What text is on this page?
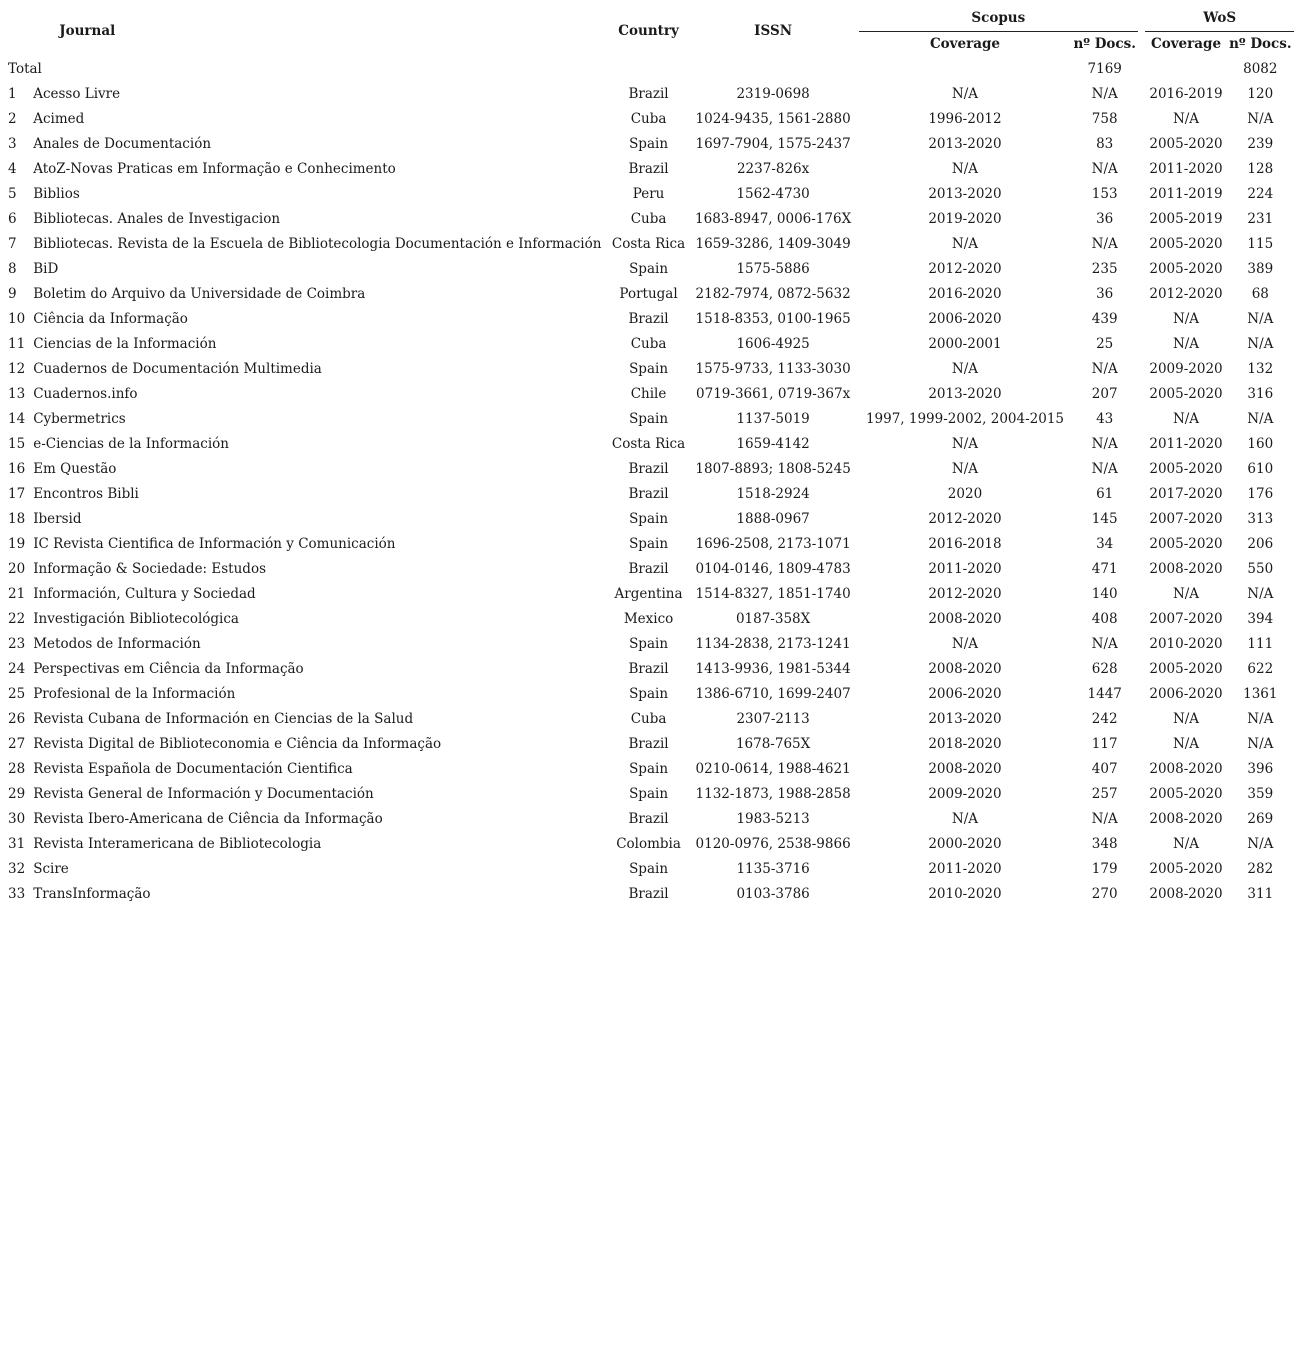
	Journal	Country	ISSN	Scopus			WoS	
				Coverage	nº Docs.		Coverage	nº Docs.
Total					7169			8082
1	Acesso Livre	Brazil	2319-0698	N/A	N/A		2016-2019	120
2	Acimed	Cuba	1024-9435, 1561-2880	1996-2012	758		N/A	N/A
3	Anales de Documentación	Spain	1697-7904, 1575-2437	2013-2020	83		2005-2020	239
4	AtoZ-Novas Praticas em Informação e Conhecimento	Brazil	2237-826x	N/A	N/A		2011-2020	128
5	Biblios	Peru	1562-4730	2013-2020	153		2011-2019	224
6	Bibliotecas. Anales de Investigacion	Cuba	1683-8947, 0006-176X	2019-2020	36		2005-2019	231
7	Bibliotecas. Revista de la Escuela de Bibliotecologia Documentación e Información	Costa Rica	1659-3286, 1409-3049	N/A	N/A		2005-2020	115
8	BiD	Spain	1575-5886	2012-2020	235		2005-2020	389
9	Boletim do Arquivo da Universidade de Coimbra	Portugal	2182-7974, 0872-5632	2016-2020	36		2012-2020	68
10	Ciência da Informação	Brazil	1518-8353, 0100-1965	2006-2020	439		N/A	N/A
11	Ciencias de la Información	Cuba	1606-4925	2000-2001	25		N/A	N/A
12	Cuadernos de Documentación Multimedia	Spain	1575-9733, 1133-3030	N/A	N/A		2009-2020	132
13	Cuadernos.info	Chile	0719-3661, 0719-367x	2013-2020	207		2005-2020	316
14	Cybermetrics	Spain	1137-5019	1997, 1999-2002, 2004-2015	43		N/A	N/A
15	e-Ciencias de la Información	Costa Rica	1659-4142	N/A	N/A		2011-2020	160
16	Em Questão	Brazil	1807-8893; 1808-5245	N/A	N/A		2005-2020	610
17	Encontros Bibli	Brazil	1518-2924	2020	61		2017-2020	176
18	Ibersid	Spain	1888-0967	2012-2020	145		2007-2020	313
19	IC Revista Cientifica de Información y Comunicación	Spain	1696-2508, 2173-1071	2016-2018	34		2005-2020	206
20	Informação & Sociedade: Estudos	Brazil	0104-0146, 1809-4783	2011-2020	471		2008-2020	550
21	Información, Cultura y Sociedad	Argentina	1514-8327, 1851-1740	2012-2020	140		N/A	N/A
22	Investigación Bibliotecológica	Mexico	0187-358X	2008-2020	408		2007-2020	394
23	Metodos de Información	Spain	1134-2838, 2173-1241	N/A	N/A		2010-2020	111
24	Perspectivas em Ciência da Informação	Brazil	1413-9936, 1981-5344	2008-2020	628		2005-2020	622
25	Profesional de la Información	Spain	1386-6710, 1699-2407	2006-2020	1447		2006-2020	1361
26	Revista Cubana de Información en Ciencias de la Salud	Cuba	2307-2113	2013-2020	242		N/A	N/A
27	Revista Digital de Biblioteconomia e Ciência da Informação	Brazil	1678-765X	2018-2020	117		N/A	N/A
28	Revista Española de Documentación Cientifica	Spain	0210-0614, 1988-4621	2008-2020	407		2008-2020	396
29	Revista General de Información y Documentación	Spain	1132-1873, 1988-2858	2009-2020	257		2005-2020	359
30	Revista Ibero-Americana de Ciência da Informação	Brazil	1983-5213	N/A	N/A		2008-2020	269
31	Revista Interamericana de Bibliotecologia	Colombia	0120-0976, 2538-9866	2000-2020	348		N/A	N/A
32	Scire	Spain	1135-3716	2011-2020	179		2005-2020	282
33	TransInformação	Brazil	0103-3786	2010-2020	270		2008-2020	311
